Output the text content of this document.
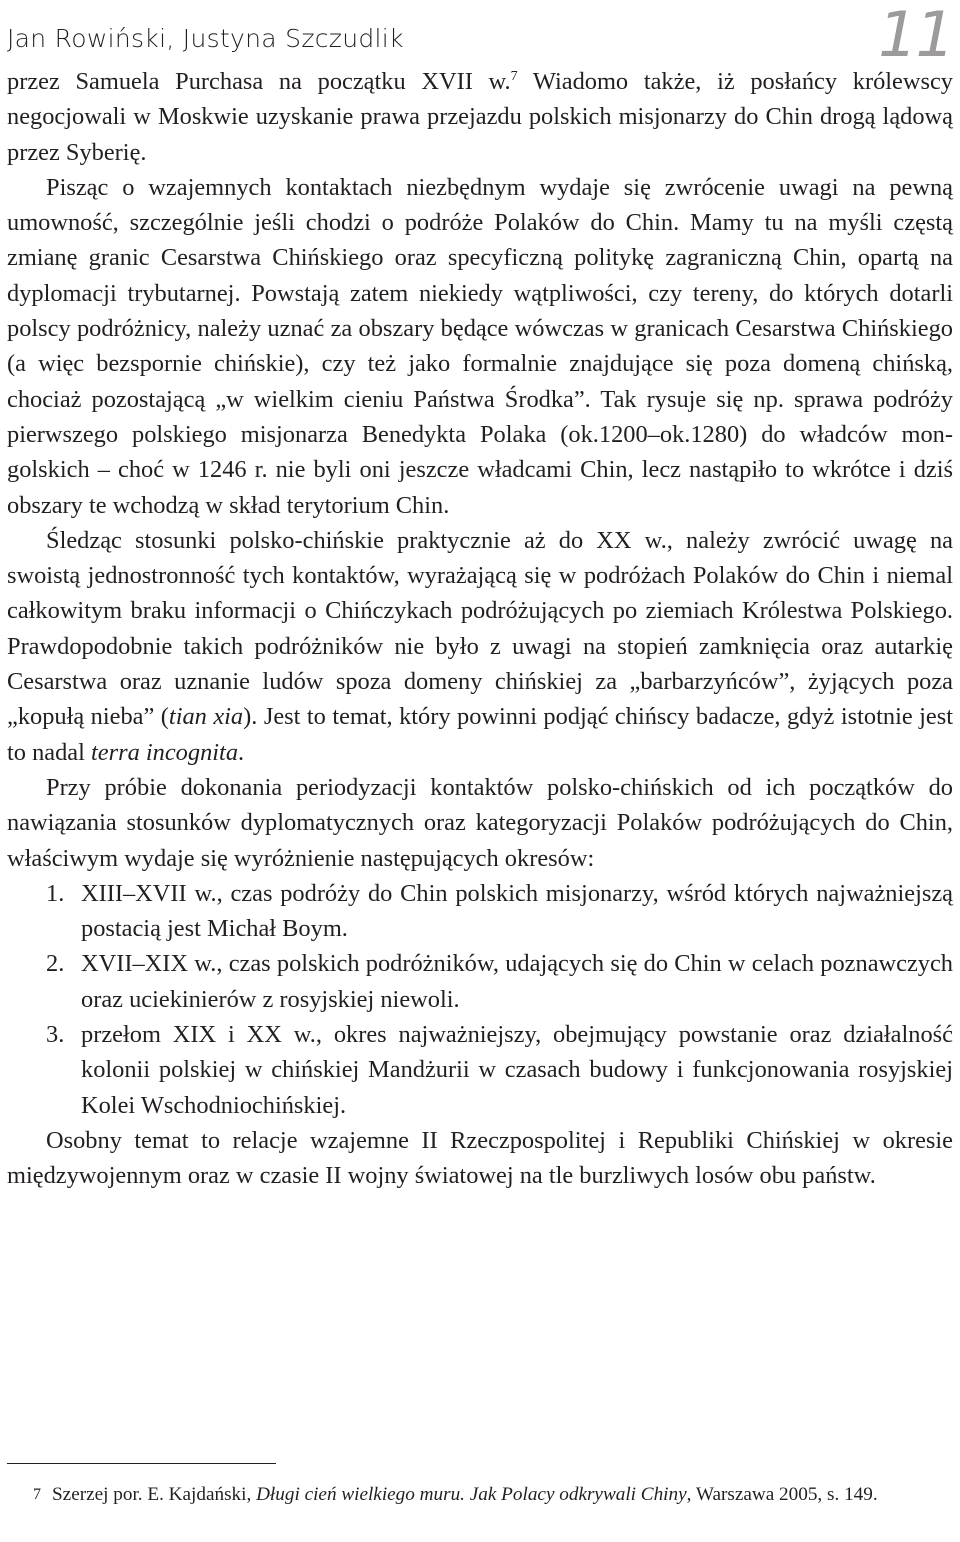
Jan Rowiński, Justyna Szczudlik	11

przez Samuela Purchasa na początku XVII w.$^7$ Wiadomo także, iż posłańcy królewscy negocjowali w Moskwie uzyskanie prawa przejazdu polskich misjonarzy do Chin drogą lądową przez Syberię.

Pisząc o wzajemnych kontaktach niezbędnym wydaje się zwrócenie uwagi na pewną umowność, szczególnie jeśli chodzi o podróże Polaków do Chin. Mamy tu na myśli częstą zmianę granic Cesarstwa Chińskiego oraz specyficzną politykę zagraniczną Chin, opartą na dyplomacji trybutarnej. Powstają zatem niekiedy wątpliwości, czy tereny, do których dotarli polscy podróżnicy, należy uznać za obszary będące wówczas w granicach Cesarstwa Chińskiego (a więc bezspornie chińskie), czy też jako formalnie znajdujące się poza domeną chińską, chociaż pozostającą „w wielkim cieniu Państwa Środka”. Tak rysuje się np. sprawa podróży pierwszego polskiego misjonarza Benedykta Polaka (ok.1200–ok.1280) do władców mongolskich – choć w 1246 r. nie byli oni jeszcze władcami Chin, lecz nastąpiło to wkrótce i dziś obszary te wchodzą w skład terytorium Chin.

Śledząc stosunki polsko-chińskie praktycznie aż do XX w., należy zwrócić uwagę na swoistą jednostronność tych kontaktów, wyrażającą się w podróżach Polaków do Chin i niemal całkowitym braku informacji o Chińczykach podróżujących po ziemiach Królestwa Polskiego. Prawdopodobnie takich podróżników nie było z uwagi na stopień zamknięcia oraz autarkię Cesarstwa oraz uznanie ludów spoza domeny chińskiej za „barbarzyńców”, żyjących poza „kopułą nieba” (tian xia). Jest to temat, który powinni podjąć chińscy badacze, gdyż istotnie jest to nadal terra incognita.

Przy próbie dokonania periodyzacji kontaktów polsko-chińskich od ich początków do nawiązania stosunków dyplomatycznych oraz kategoryzacji Polaków podróżujących do Chin, właściwym wydaje się wyróżnienie następujących okresów:

1. XIII–XVII w., czas podróży do Chin polskich misjonarzy, wśród których najważniejszą postacią jest Michał Boym.
2. XVII–XIX w., czas polskich podróżników, udających się do Chin w celach poznawczych oraz uciekinierów z rosyjskiej niewoli.
3. przełom XIX i XX w., okres najważniejszy, obejmujący powstanie oraz działalność kolonii polskiej w chińskiej Mandżurii w czasach budowy i funkcjonowania rosyjskiej Kolei Wschodniochińskiej.

Osobny temat to relacje wzajemne II Rzeczpospolitej i Republiki Chińskiej w okresie międzywojennym oraz w czasie II wojny światowej na tle burzliwych losów obu państw.

7 Szerzej por. E. Kajdański, Długi cień wielkiego muru. Jak Polacy odkrywali Chiny, Warszawa 2005, s. 149.
